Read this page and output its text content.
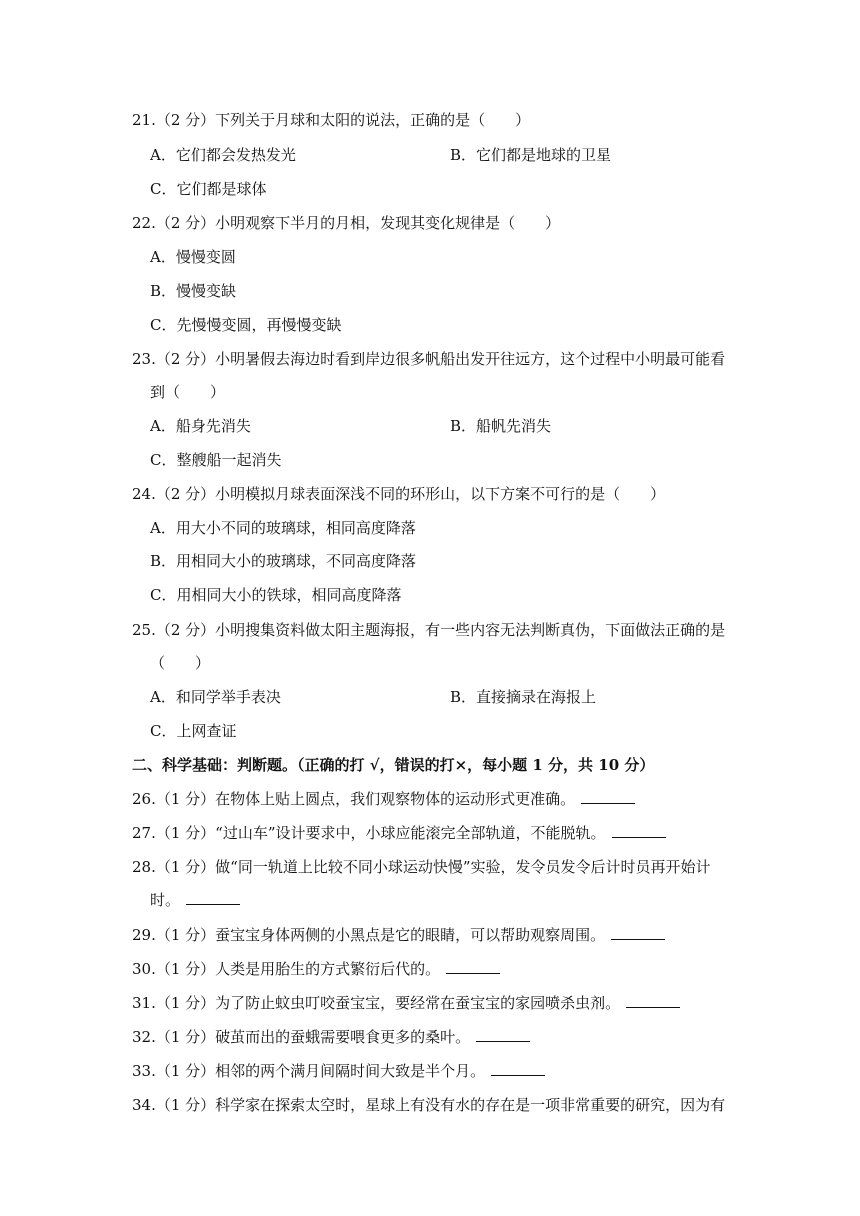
21.（2 分）下列关于月球和太阳的说法，正确的是（　　）
A．它们都会发热发光	B．它们都是地球的卫星
C．它们都是球体
22.（2 分）小明观察下半月的月相，发现其变化规律是（　　）
A．慢慢变圆
B．慢慢变缺
C．先慢慢变圆，再慢慢变缺
23.（2 分）小明暑假去海边时看到岸边很多帆船出发开往远方，这个过程中小明最可能看
到（　　）
A．船身先消失	B．船帆先消失
C．整艘船一起消失
24.（2 分）小明模拟月球表面深浅不同的环形山，以下方案不可行的是（　　）
A．用大小不同的玻璃球，相同高度降落
B．用相同大小的玻璃球，不同高度降落
C．用相同大小的铁球，相同高度降落
25.（2 分）小明搜集资料做太阳主题海报，有一些内容无法判断真伪，下面做法正确的是
（　　）
A．和同学举手表决	B．直接摘录在海报上
C．上网查证
二、科学基础：判断题。（正确的打 √，错误的打×，每小题 1 分，共 10 分）
26.（1 分）在物体上贴上圆点，我们观察物体的运动形式更准确。
27.（1 分）“过山车”设计要求中，小球应能滚完全部轨道，不能脱轨。
28.（1 分）做“同一轨道上比较不同小球运动快慢”实验，发令员发令后计时员再开始计
时。
29.（1 分）蚕宝宝身体两侧的小黑点是它的眼睛，可以帮助观察周围。
30.（1 分）人类是用胎生的方式繁衍后代的。
31.（1 分）为了防止蚊虫叮咬蚕宝宝，要经常在蚕宝宝的家园喷杀虫剂。
32.（1 分）破茧而出的蚕蛾需要喂食更多的桑叶。
33.（1 分）相邻的两个满月间隔时间大致是半个月。
34.（1 分）科学家在探索太空时，星球上有没有水的存在是一项非常重要的研究，因为有
